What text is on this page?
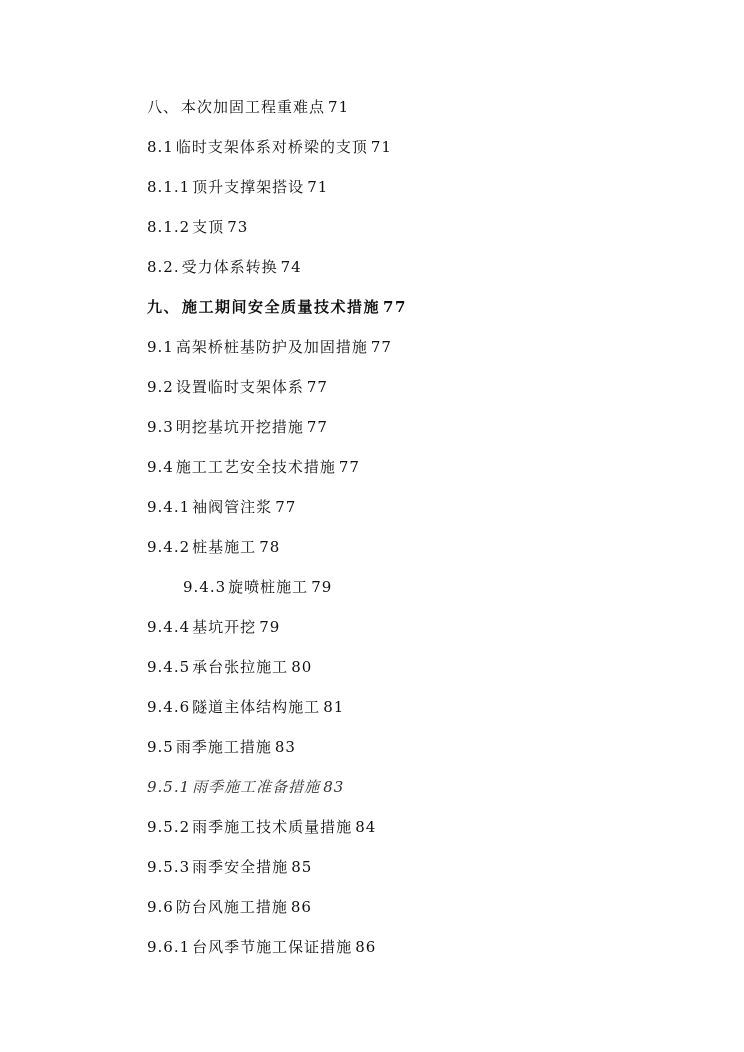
八、 本次加固工程重难点 71
8.1 临时支架体系对桥梁的支顶 71
8.1.1 顶升支撑架搭设 71
8.1.2 支顶 73
8.2. 受力体系转换 74
九、 施工期间安全质量技术措施 77
9.1 高架桥桩基防护及加固措施 77
9.2 设置临时支架体系 77
9.3 明挖基坑开挖措施 77
9.4 施工工艺安全技术措施 77
9.4.1 袖阀管注浆 77
9.4.2 桩基施工 78
9.4.3 旋喷桩施工 79
9.4.4 基坑开挖 79
9.4.5 承台张拉施工 80
9.4.6 隧道主体结构施工 81
9.5 雨季施工措施 83
9.5.1 雨季施工准备措施 83
9.5.2 雨季施工技术质量措施 84
9.5.3 雨季安全措施 85
9.6 防台风施工措施 86
9.6.1 台风季节施工保证措施 86
